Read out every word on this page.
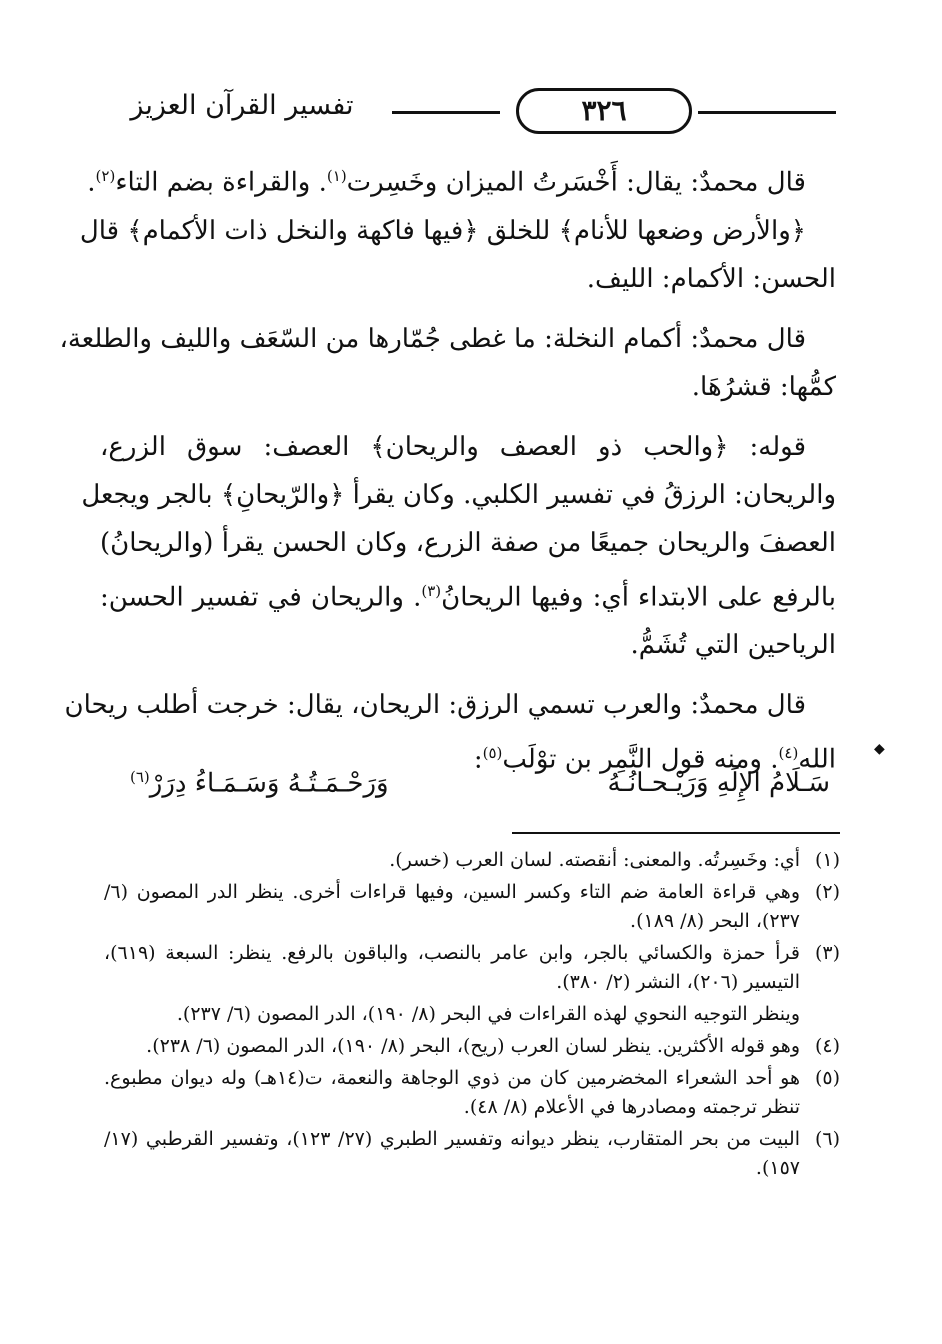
تفسير القرآن العزيز	٣٢٦
قال محمدٌ: يقال: أَخْسَرتُ الميزان وخَسِرت$^{(١)}$. والقراءة بضم التاء$^{(٢)}$.
﴿والأرض وضعها للأنام﴾ للخلق ﴿فيها فاكهة والنخل ذات الأكمام﴾ قال
الحسن: الأكمام: الليف.
قال محمدٌ: أكمام النخلة: ما غطى جُمّارها من السّعَف والليف والطلعة،
كمُّها: قشرُهَا.
قوله: ﴿والحب ذو العصف والريحان﴾ العصف: سوق الزرع،
والريحان: الرزقُ في تفسير الكلبي. وكان يقرأ ﴿والرّيحانِ﴾ بالجر ويجعل
العصفَ والريحان جميعًا من صفة الزرع، وكان الحسن يقرأ (والريحانُ)
بالرفع على الابتداء أي: وفيها الريحانُ$^{(٣)}$. والريحان في تفسير الحسن:
الرياحين التي تُشَمُّ.
قال محمدٌ: والعرب تسمي الرزق: الريحان، يقال: خرجت أطلب ريحان
الله$^{(٤)}$. ومنه قول النَّمِر بن توْلَب$^{(٥)}$:
سَـلَامُ الإِلَهِ وَرَيْـحـانُـهُ
وَرَحْـمَـتُـهُ وَسَـمَـاءُ دِرَرْ$^{(٦)}$
◆
(١)
أي: وخَسِرتُه. والمعنى: أنقصته. لسان العرب (خسر).
(٢)
وهي قراءة العامة ضم التاء وكسر السين، وفيها قراءات أخرى. ينظر الدر المصون (٦/
٢٣٧)، البحر (٨/ ١٨٩).
(٣)
قرأ حمزة والكسائي بالجر، وابن عامر بالنصب، والباقون بالرفع. ينظر: السبعة (٦١٩)،
التيسير (٢٠٦)، النشر (٢/ ٣٨٠).
وينظر التوجيه النحوي لهذه القراءات في البحر (٨/ ١٩٠)، الدر المصون (٦/ ٢٣٧).
(٤)
وهو قوله الأكثرين. ينظر لسان العرب (ريح)، البحر (٨/ ١٩٠)، الدر المصون (٦/ ٢٣٨).
(٥)
هو أحد الشعراء المخضرمين كان من ذوي الوجاهة والنعمة، ت(١٤هـ) وله ديوان مطبوع.
تنظر ترجمته ومصادرها في الأعلام (٨/ ٤٨).
(٦)
البيت من بحر المتقارب، ينظر ديوانه وتفسير الطبري (٢٧/ ١٢٣)، وتفسير القرطبي (١٧/
١٥٧).
